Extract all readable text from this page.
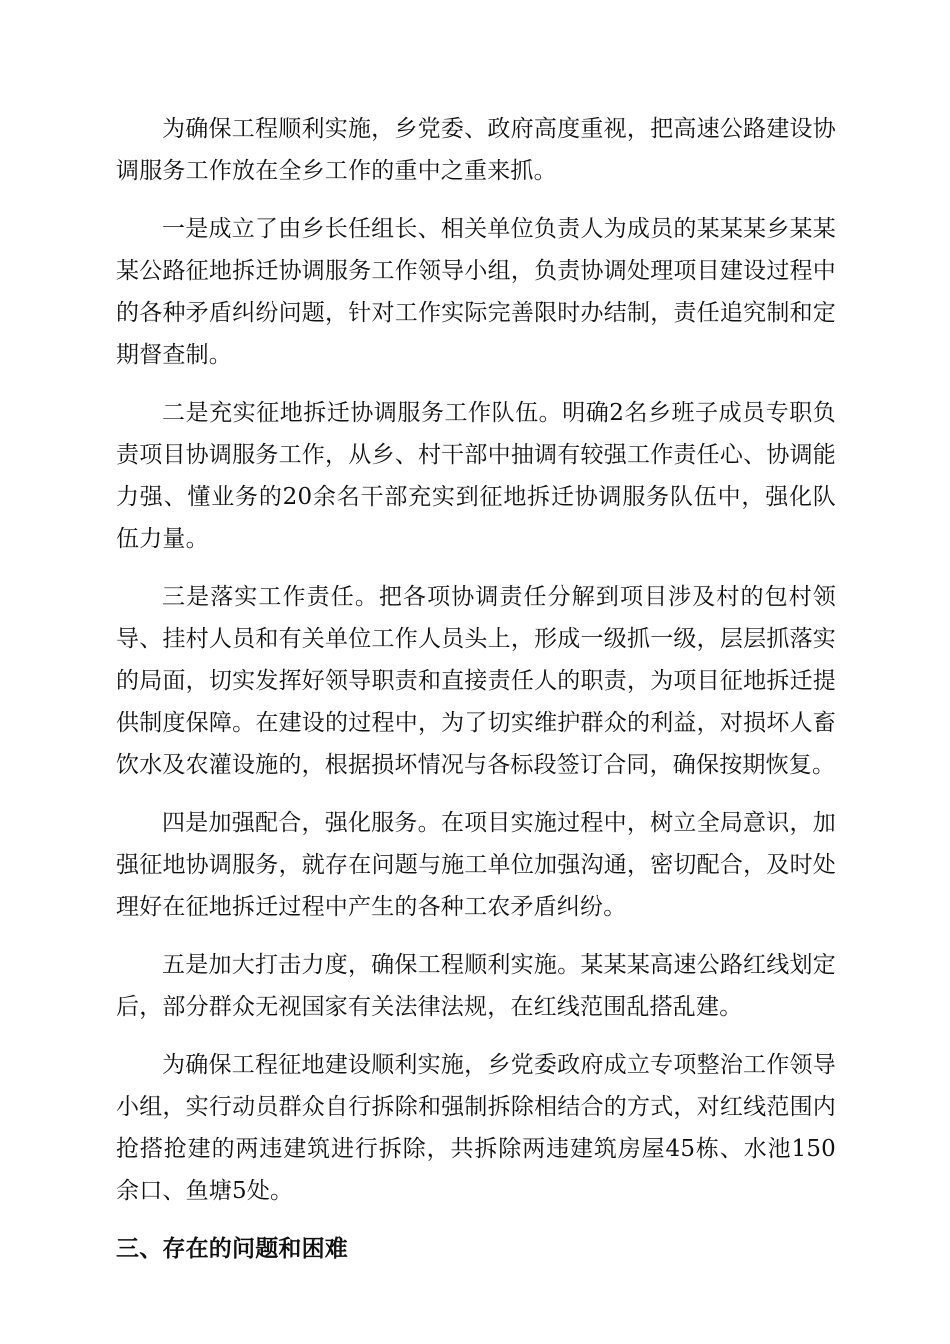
为确保工程顺利实施，乡党委、政府高度重视，把高速公路建设协调服务工作放在全乡工作的重中之重来抓。

一是成立了由乡长任组长、相关单位负责人为成员的某某某乡某某某公路征地拆迁协调服务工作领导小组，负责协调处理项目建设过程中的各种矛盾纠纷问题，针对工作实际完善限时办结制，责任追究制和定期督查制。

二是充实征地拆迁协调服务工作队伍。明确2名乡班子成员专职负责项目协调服务工作，从乡、村干部中抽调有较强工作责任心、协调能力强、懂业务的20余名干部充实到征地拆迁协调服务队伍中，强化队伍力量。

三是落实工作责任。把各项协调责任分解到项目涉及村的包村领导、挂村人员和有关单位工作人员头上，形成一级抓一级，层层抓落实的局面，切实发挥好领导职责和直接责任人的职责，为项目征地拆迁提供制度保障。在建设的过程中，为了切实维护群众的利益，对损坏人畜饮水及农灌设施的，根据损坏情况与各标段签订合同，确保按期恢复。

四是加强配合，强化服务。在项目实施过程中，树立全局意识，加强征地协调服务，就存在问题与施工单位加强沟通，密切配合，及时处理好在征地拆迁过程中产生的各种工农矛盾纠纷。

五是加大打击力度，确保工程顺利实施。某某某高速公路红线划定后，部分群众无视国家有关法律法规，在红线范围乱搭乱建。

为确保工程征地建设顺利实施，乡党委政府成立专项整治工作领导小组，实行动员群众自行拆除和强制拆除相结合的方式，对红线范围内抢搭抢建的两违建筑进行拆除，共拆除两违建筑房屋45栋、水池150余口、鱼塘5处。

三、存在的问题和困难
